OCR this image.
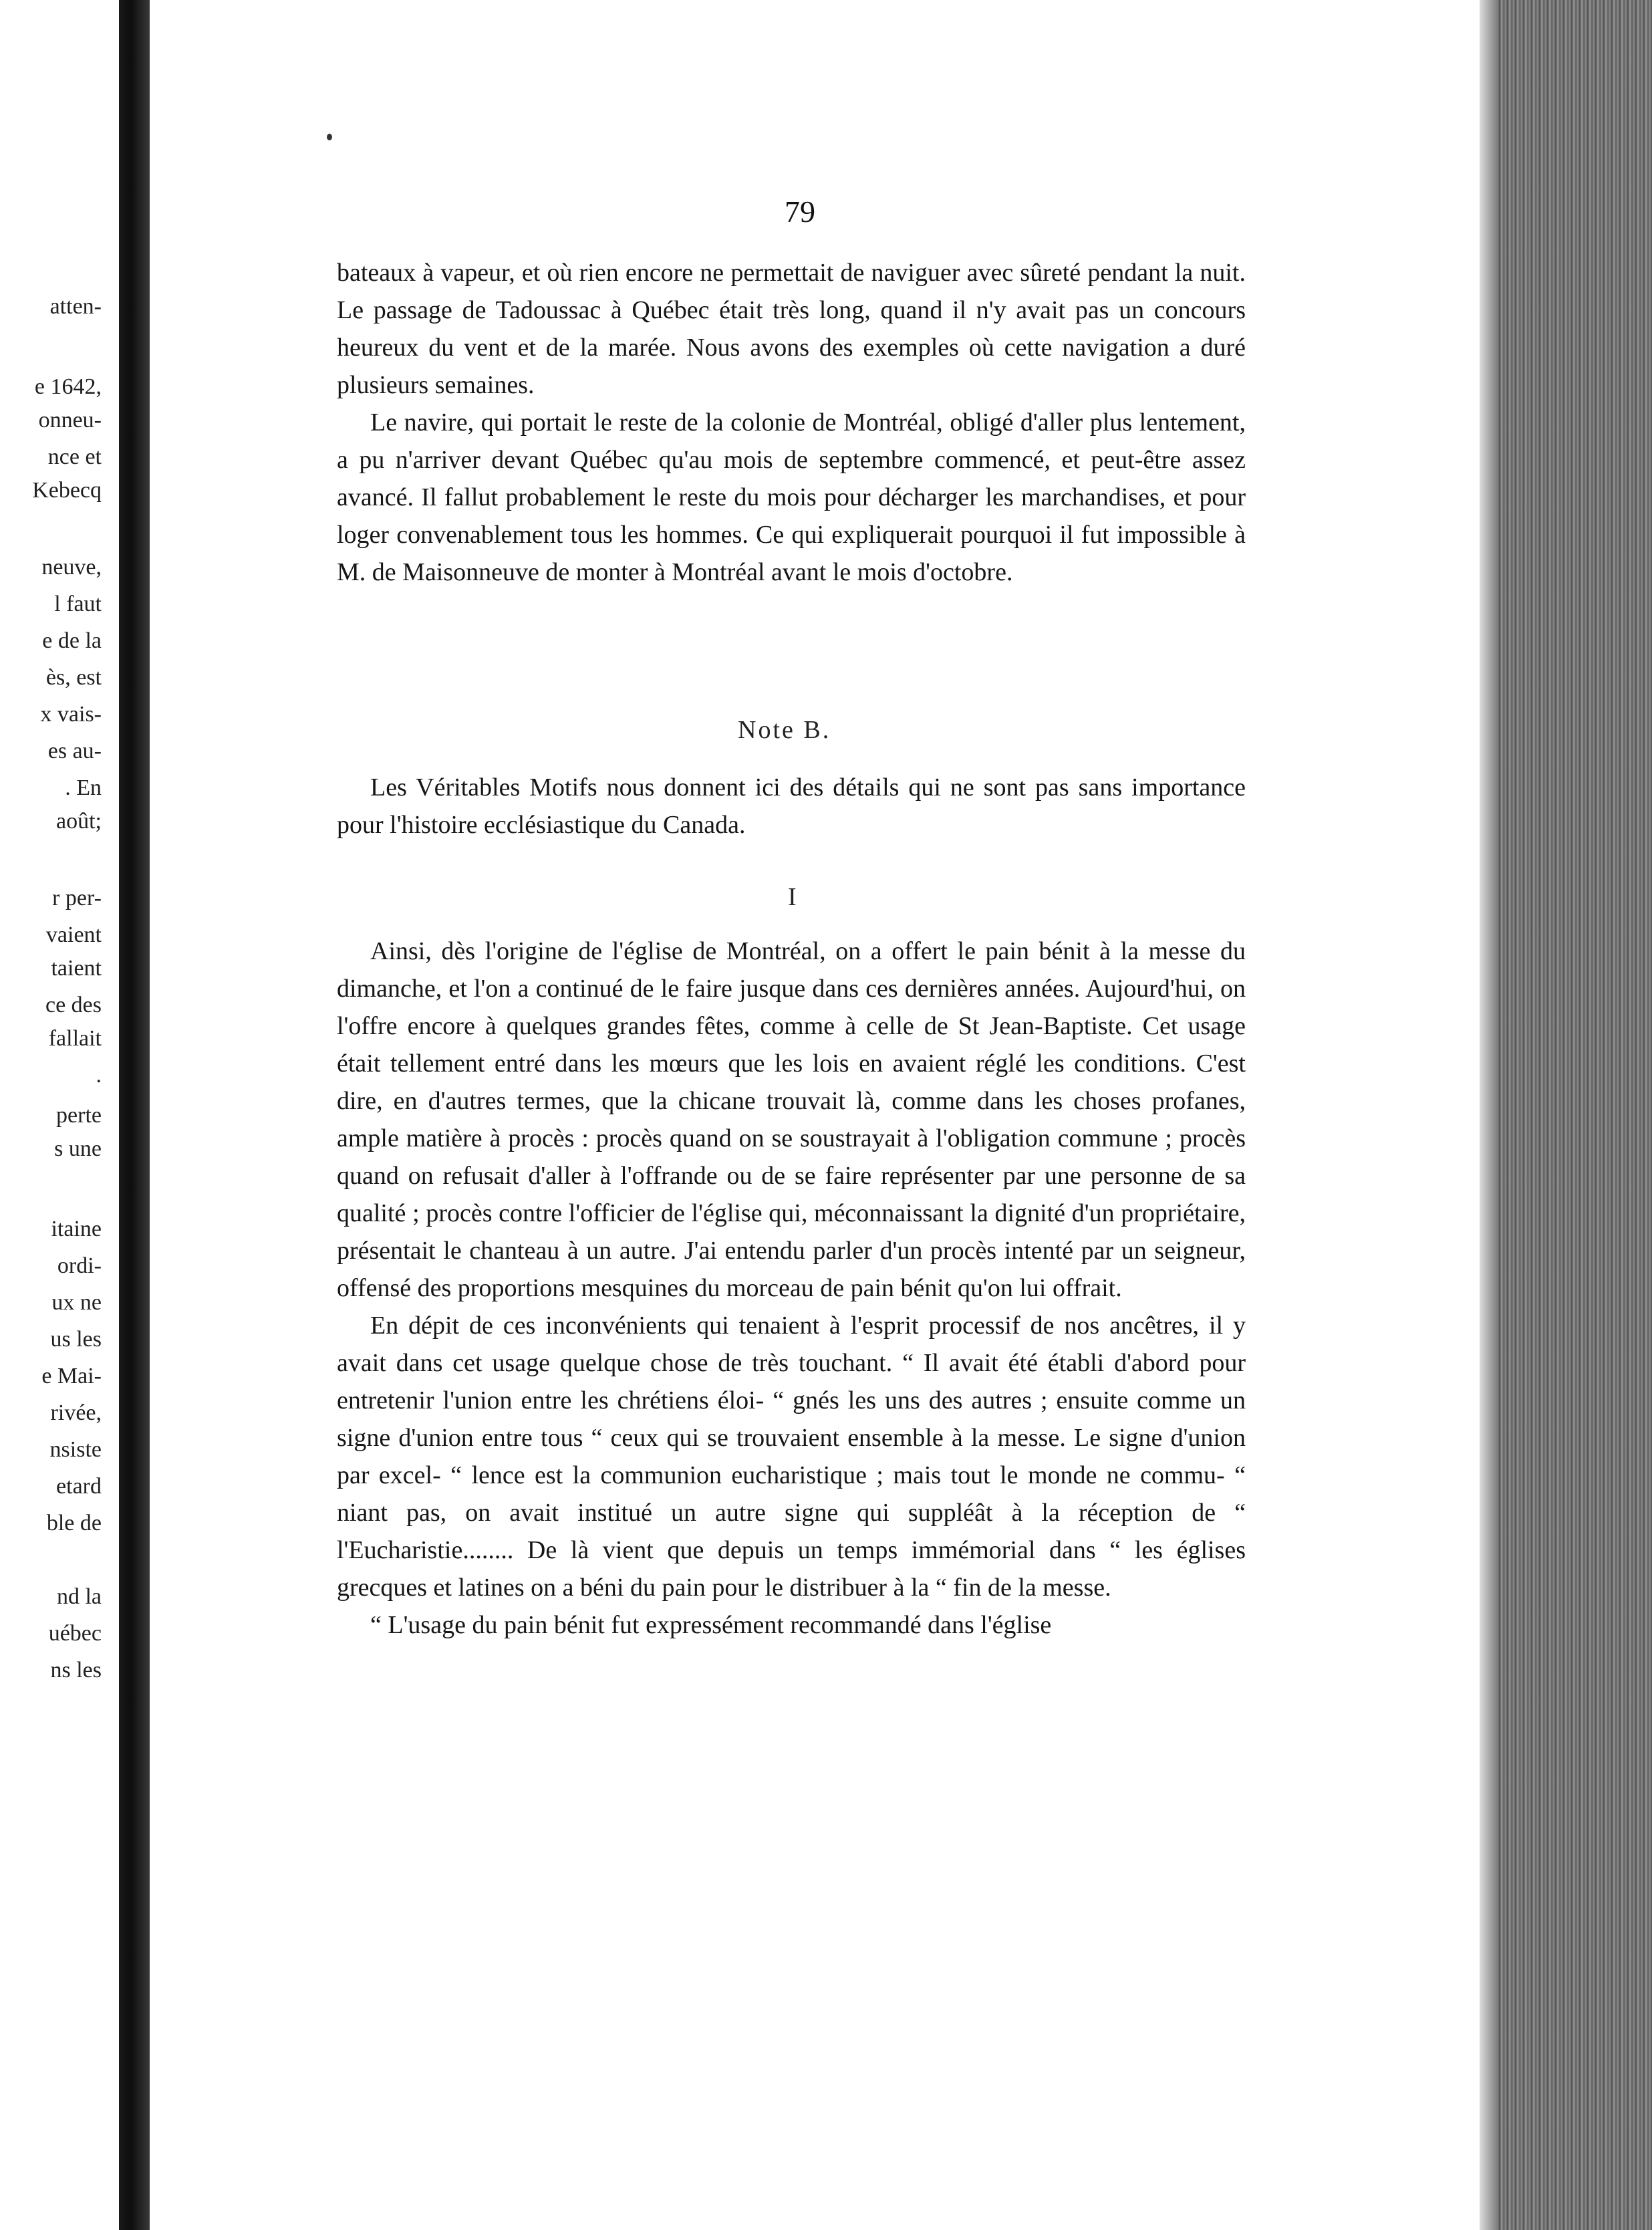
atten-
e 1642,
onneu-
nce et
Kebecq
neuve,
l faut
e de la
ès, est
x vais-
es au-
. En
août;
r per-
vaient
taient
ce des
fallait
.
perte
s une
itaine
ordi-
ux ne
us les
e Mai-
rivée,
nsiste
etard
ble de
nd la
uébec
ns les
79

bateaux à vapeur, et où rien encore ne permettait de naviguer avec sûreté pendant la nuit. Le passage de Tadoussac à Québec était très long, quand il n'y avait pas un concours heureux du vent et de la marée. Nous avons des exemples où cette navigation a duré plusieurs semaines.

Le navire, qui portait le reste de la colonie de Montréal, obligé d'aller plus lentement, a pu n'arriver devant Québec qu'au mois de septembre commencé, et peut-être assez avancé. Il fallut probablement le reste du mois pour décharger les marchandises, et pour loger convenablement tous les hommes. Ce qui expliquerait pourquoi il fut impossible à M. de Maisonneuve de monter à Montréal avant le mois d'octobre.

Note B.

Les Véritables Motifs nous donnent ici des détails qui ne sont pas sans importance pour l'histoire ecclésiastique du Canada.

I

Ainsi, dès l'origine de l'église de Montréal, on a offert le pain bénit à la messe du dimanche, et l'on a continué de le faire jusque dans ces dernières années. Aujourd'hui, on l'offre encore à quelques grandes fêtes, comme à celle de St Jean-Baptiste. Cet usage était tellement entré dans les mœurs que les lois en avaient réglé les conditions. C'est dire, en d'autres termes, que la chicane trouvait là, comme dans les choses profanes, ample matière à procès : procès quand on se soustrayait à l'obligation commune ; procès quand on refusait d'aller à l'offrande ou de se faire représenter par une personne de sa qualité ; procès contre l'officier de l'église qui, méconnaissant la dignité d'un propriétaire, présentait le chanteau à un autre. J'ai entendu parler d'un procès intenté par un seigneur, offensé des proportions mesquines du morceau de pain bénit qu'on lui offrait.

En dépit de ces inconvénients qui tenaient à l'esprit processif de nos ancêtres, il y avait dans cet usage quelque chose de très touchant. “ Il avait été établi d'abord pour entretenir l'union entre les chrétiens éloi- “ gnés les uns des autres ; ensuite comme un signe d'union entre tous “ ceux qui se trouvaient ensemble à la messe. Le signe d'union par excel- “ lence est la communion eucharistique ; mais tout le monde ne commu- “ niant pas, on avait institué un autre signe qui suppléât à la réception de “ l'Eucharistie........ De là vient que depuis un temps immémorial dans “ les églises grecques et latines on a béni du pain pour le distribuer à la “ fin de la messe.

“ L'usage du pain bénit fut expressément recommandé dans l'église
